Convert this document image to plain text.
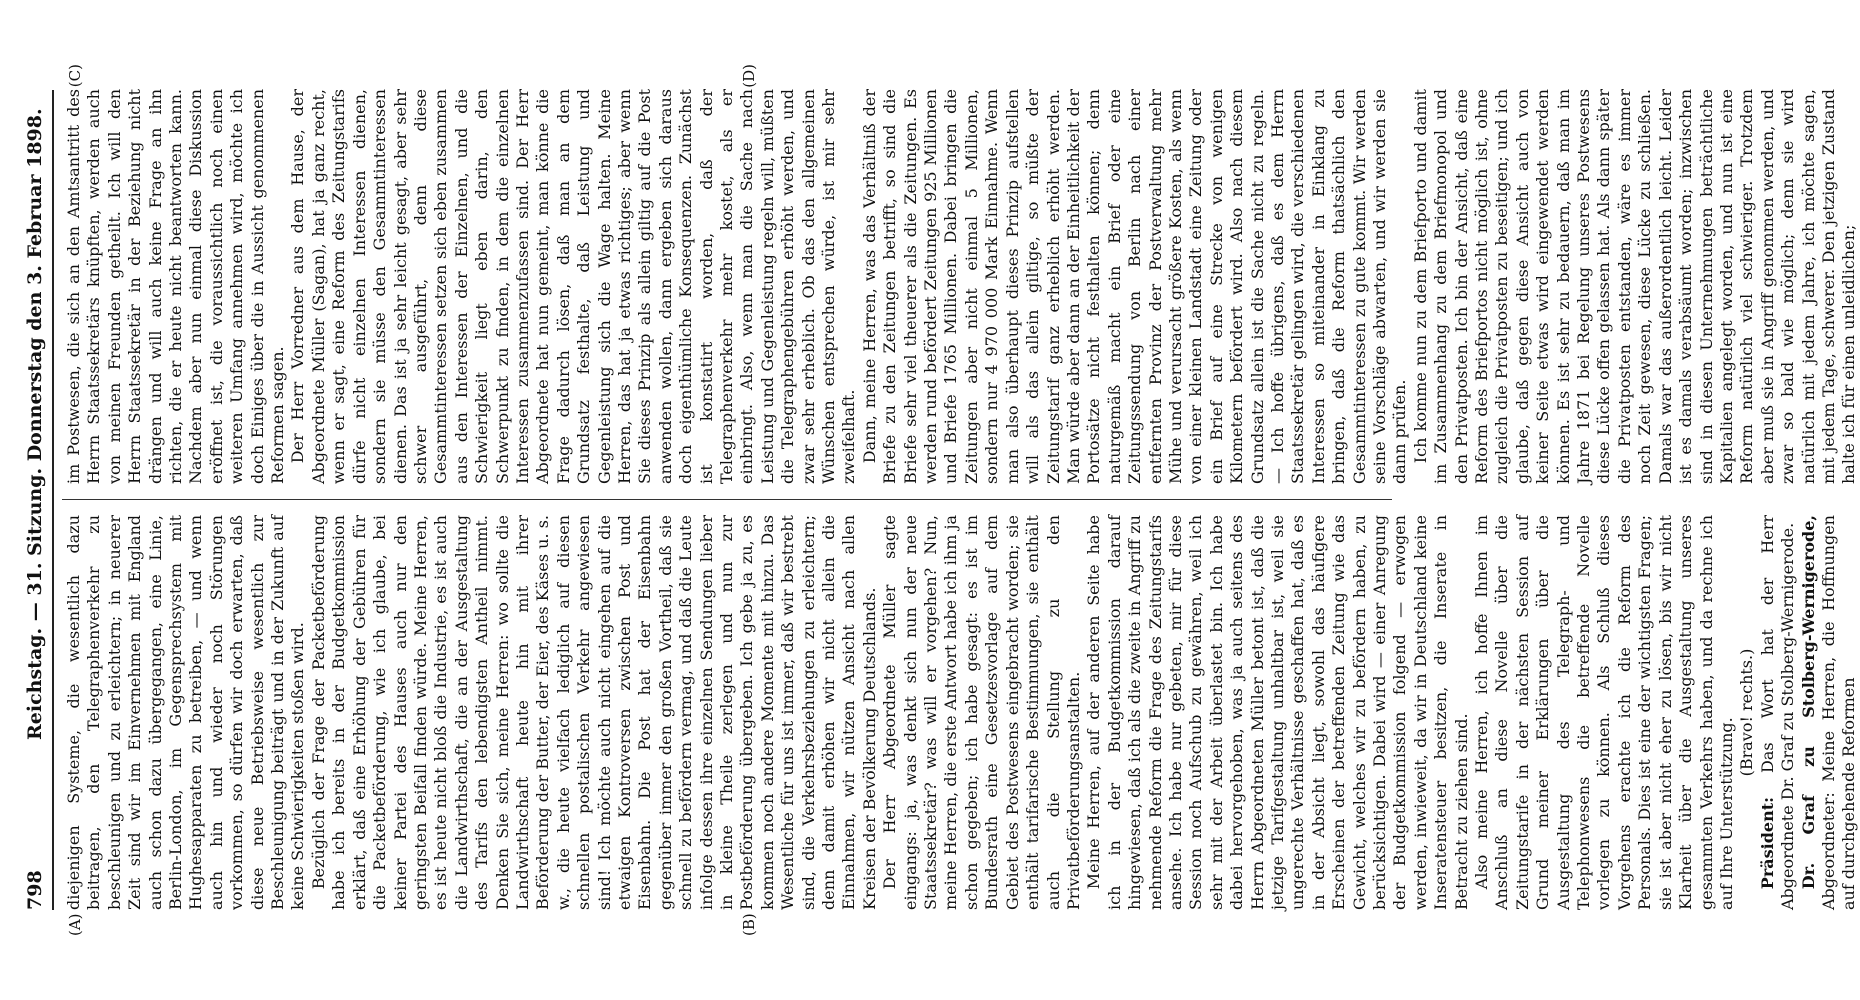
798
Reichstag. — 31. Sitzung. Donnerstag den 3. Februar 1898.
(A)	(B)
(C)	(D)

diejenigen Systeme, die wesentlich dazu beitragen, den Telegraphenverkehr zu beschleunigen und zu erleichtern; in neuerer Zeit sind wir im Einvernehmen mit England auch schon dazu übergegangen, eine Linie, Berlin-London, im Gegensprechsystem mit Hughesapparaten zu betreiben, — und wenn auch hin und wieder noch Störungen vorkommen, so dürfen wir doch erwarten, daß diese neue Betriebsweise wesentlich zur Beschleunigung beiträgt und in der Zukunft auf keine Schwierigkeiten stoßen wird. Bezüglich der Frage der Packetbeförderung habe ich bereits in der Budgetkommission erklärt, daß eine Erhöhung der Gebühren für die Packetbeförderung, wie ich glaube, bei keiner Partei des Hauses auch nur den geringsten Beifall finden würde. Meine Herren, es ist heute nicht bloß die Industrie, es ist auch die Landwirthschaft, die an der Ausgestaltung des Tarifs den lebendigsten Antheil nimmt. Denken Sie sich, meine Herren: wo sollte die Landwirthschaft heute hin mit ihrer Beförderung der Butter, der Eier, des Käses u. s. w., die heute vielfach lediglich auf diesen schnellen postalischen Verkehr angewiesen sind! Ich möchte auch nicht eingehen auf die etwaigen Kontroversen zwischen Post und Eisenbahn. Die Post hat der Eisenbahn gegenüber immer den großen Vortheil, daß sie schnell zu befördern vermag, und daß die Leute infolge dessen ihre einzelnen Sendungen lieber in kleine Theile zerlegen und nun zur Postbeförderung übergeben. Ich gebe ja zu, es kommen noch andere Momente mit hinzu. Das Wesentliche für uns ist immer, daß wir bestrebt sind, die Verkehrsbeziehungen zu erleichtern; denn damit erhöhen wir nicht allein die Einnahmen, wir nützen Ansicht nach allen Kreisen der Bevölkerung Deutschlands. Der Herr Abgeordnete Müller sagte eingangs: ja, was denkt sich nun der neue Staatssekretär? was will er vorgehen? Nun, meine Herren, die erste Antwort habe ich ihm ja schon gegeben; ich habe gesagt: es ist im Bundesrath eine Gesetzesvorlage auf dem Gebiet des Postwesens eingebracht worden; sie enthält tarifarische Bestimmungen, sie enthält auch die Stellung zu den Privatbeförderungsanstalten. Meine Herren, auf der anderen Seite habe ich in der Budgetkommission darauf hingewiesen, daß ich als die zweite in Angriff zu nehmende Reform die Frage des Zeitungstarifs ansehe. Ich habe nur gebeten, mir für diese Session noch Aufschub zu gewähren, weil ich sehr mit der Arbeit überlastet bin. Ich habe dabei hervorgehoben, was ja auch seitens des Herrn Abgeordneten Müller betont ist, daß die jetzige Tarifgestaltung unhaltbar ist, weil sie ungerechte Verhältnisse geschaffen hat, daß es in der Absicht liegt, sowohl das häufigere Erscheinen der betreffenden Zeitung wie das Gewicht, welches wir zu befördern haben, zu berücksichtigen. Dabei wird — einer Anregung der Budgetkommission folgend — erwogen werden, inwieweit, da wir in Deutschland keine Inseratensteuer besitzen, die Inserate in Betracht zu ziehen sind. Also meine Herren, ich hoffe Ihnen im Anschluß an diese Novelle über die Zeitungstarife in der nächsten Session auf Grund meiner Erklärungen über die Ausgestaltung des Telegraph- und Telephonwesens die betreffende Novelle vorlegen zu können. Als Schluß dieses Vorgehens erachte ich die Reform des Personals. Dies ist eine der wichtigsten Fragen; sie ist aber nicht eher zu lösen, bis wir nicht Klarheit über die Ausgestaltung unseres gesammten Verkehrs haben, und da rechne ich auf Ihre Unterstützung.

(Bravo! rechts.)

Präsident: Das Wort hat der Herr Abgeordnete Dr. Graf zu Stolberg-Wernigerode. Dr. Graf zu Stolberg-Wernigerode, Abgeordneter: Meine Herren, die Hoffnungen auf durchgehende Reformen

im Postwesen, die sich an den Amtsantritt des Herrn Staatssekretärs knüpften, werden auch von meinen Freunden getheilt. Ich will den Herrn Staatssekretär in der Beziehung nicht drängen und will auch keine Frage an ihn richten, die er heute nicht beantworten kann. Nachdem aber nun einmal diese Diskussion eröffnet ist, die voraussichtlich noch einen weiteren Umfang annehmen wird, möchte ich doch Einiges über die in Aussicht genommenen Reformen sagen. Der Herr Vorredner aus dem Hause, der Abgeordnete Müller (Sagan), hat ja ganz recht, wenn er sagt, eine Reform des Zeitungstarifs dürfe nicht einzelnen Interessen dienen, sondern sie müsse den Gesammtinteressen dienen. Das ist ja sehr leicht gesagt, aber sehr schwer ausgeführt, denn diese Gesammtinteressen setzen sich eben zusammen aus den Interessen der Einzelnen, und die Schwierigkeit liegt eben darin, den Schwerpunkt zu finden, in dem die einzelnen Interessen zusammenzufassen sind. Der Herr Abgeordnete hat nun gemeint, man könne die Frage dadurch lösen, daß man an dem Grundsatz festhalte, daß Leistung und Gegenleistung sich die Wage halten. Meine Herren, das hat ja etwas richtiges; aber wenn Sie dieses Prinzip als allein giltig auf die Post anwenden wollen, dann ergeben sich daraus doch eigenthümliche Konsequenzen. Zunächst ist konstatirt worden, daß der Telegraphenverkehr mehr kostet, als er einbringt. Also, wenn man die Sache nach Leistung und Gegenleistung regeln will, müßten die Telegraphengebühren erhöht werden, und zwar sehr erheblich. Ob das den allgemeinen Wünschen entsprechen würde, ist mir sehr zweifelhaft. Dann, meine Herren, was das Verhältniß der Briefe zu den Zeitungen betrifft, so sind die Briefe sehr viel theuerer als die Zeitungen. Es werden rund befördert Zeitungen 925 Millionen und Briefe 1765 Millionen. Dabei bringen die Zeitungen aber nicht einmal 5 Millionen, sondern nur 4 970 000 Mark Einnahme. Wenn man also überhaupt dieses Prinzip aufstellen will als das allein giltige, so müßte der Zeitungstarif ganz erheblich erhöht werden. Man würde aber dann an der Einheitlichkeit der Portosätze nicht festhalten können; denn naturgemäß macht ein Brief oder eine Zeitungssendung von Berlin nach einer entfernten Provinz der Postverwaltung mehr Mühe und verursacht größere Kosten, als wenn von einer kleinen Landstadt eine Zeitung oder ein Brief auf eine Strecke von wenigen Kilometern befördert wird. Also nach diesem Grundsatz allein ist die Sache nicht zu regeln. — Ich hoffe übrigens, daß es dem Herrn Staatssekretär gelingen wird, die verschiedenen Interessen so miteinander in Einklang zu bringen, daß die Reform thatsächlich den Gesammtinteressen zu gute kommt. Wir werden seine Vorschläge abwarten, und wir werden sie dann prüfen. Ich komme nun zu dem Briefporto und damit im Zusammenhang zu dem Briefmonopol und den Privatposten. Ich bin der Ansicht, daß eine Reform des Briefportos nicht möglich ist, ohne zugleich die Privatposten zu beseitigen; und ich glaube, daß gegen diese Ansicht auch von keiner Seite etwas wird eingewendet werden können. Es ist sehr zu bedauern, daß man im Jahre 1871 bei Regelung unseres Postwesens diese Lücke offen gelassen hat. Als dann später die Privatposten entstanden, wäre es immer noch Zeit gewesen, diese Lücke zu schließen. Damals war das außerordentlich leicht. Leider ist es damals verabsäumt worden; inzwischen sind in diesen Unternehmungen beträchtliche Kapitalien angelegt worden, und nun ist eine Reform natürlich viel schwieriger. Trotzdem aber muß sie in Angriff genommen werden, und zwar so bald wie möglich; denn sie wird natürlich mit jedem Jahre, ich möchte sagen, mit jedem Tage, schwerer. Den jetzigen Zustand halte ich für einen unleidlichen;
